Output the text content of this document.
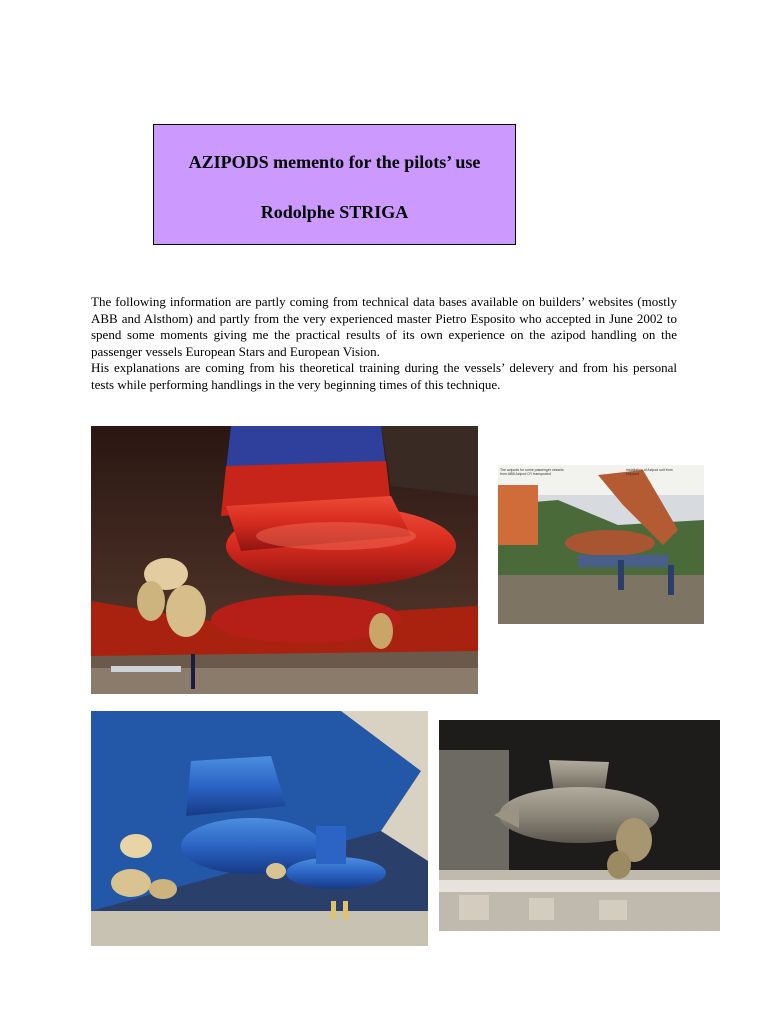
AZIPODS memento for the pilots’ use
Rodolphe STRIGA

The following information are partly coming from technical data bases available on builders’ websites (mostly ABB and Alsthom) and partly from the very experienced master Pietro Esposito who accepted in June 2002 to spend some moments giving me the practical results of its own experience on the azipod handling on the passenger vessels European Stars and European Vision.

His explanations are coming from his theoretical training during the vessels’ delevery and from his personal tests while performing handlings in the very beginning times of this technique.

The azipods for some passenger vessels
from ABB Azipod OY transported
Installation of Azipod unit from
shipyard
